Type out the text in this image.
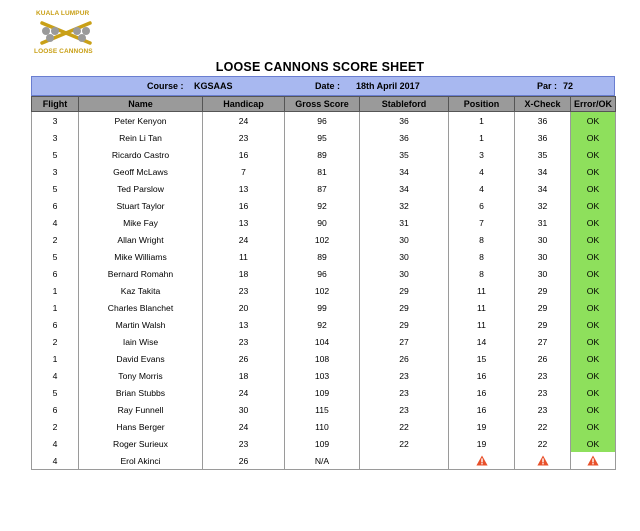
KUALA LUMPUR
LOOSE CANNONS
LOOSE CANNONS SCORE SHEET
Course : KGSAAS	Date : 18th April 2017	Par : 72
Flight	Name	Handicap	Gross Score	Stableford	Position	X-Check	Error/OK
3	Peter Kenyon	24	96	36	1	36	OK
3	Rein Li Tan	23	95	36	1	36	OK
5	Ricardo Castro	16	89	35	3	35	OK
3	Geoff McLaws	7	81	34	4	34	OK
5	Ted Parslow	13	87	34	4	34	OK
6	Stuart Taylor	16	92	32	6	32	OK
4	Mike Fay	13	90	31	7	31	OK
2	Allan Wright	24	102	30	8	30	OK
5	Mike Williams	11	89	30	8	30	OK
6	Bernard Romahn	18	96	30	8	30	OK
1	Kaz Takita	23	102	29	11	29	OK
1	Charles Blanchet	20	99	29	11	29	OK
6	Martin Walsh	13	92	29	11	29	OK
2	Iain Wise	23	104	27	14	27	OK
1	David Evans	26	108	26	15	26	OK
4	Tony Morris	18	103	23	16	23	OK
5	Brian Stubbs	24	109	23	16	23	OK
6	Ray Funnell	30	115	23	16	23	OK
2	Hans Berger	24	110	22	19	22	OK
4	Roger Surieux	23	109	22	19	22	OK
4	Erol Akinci	26	N/A				
